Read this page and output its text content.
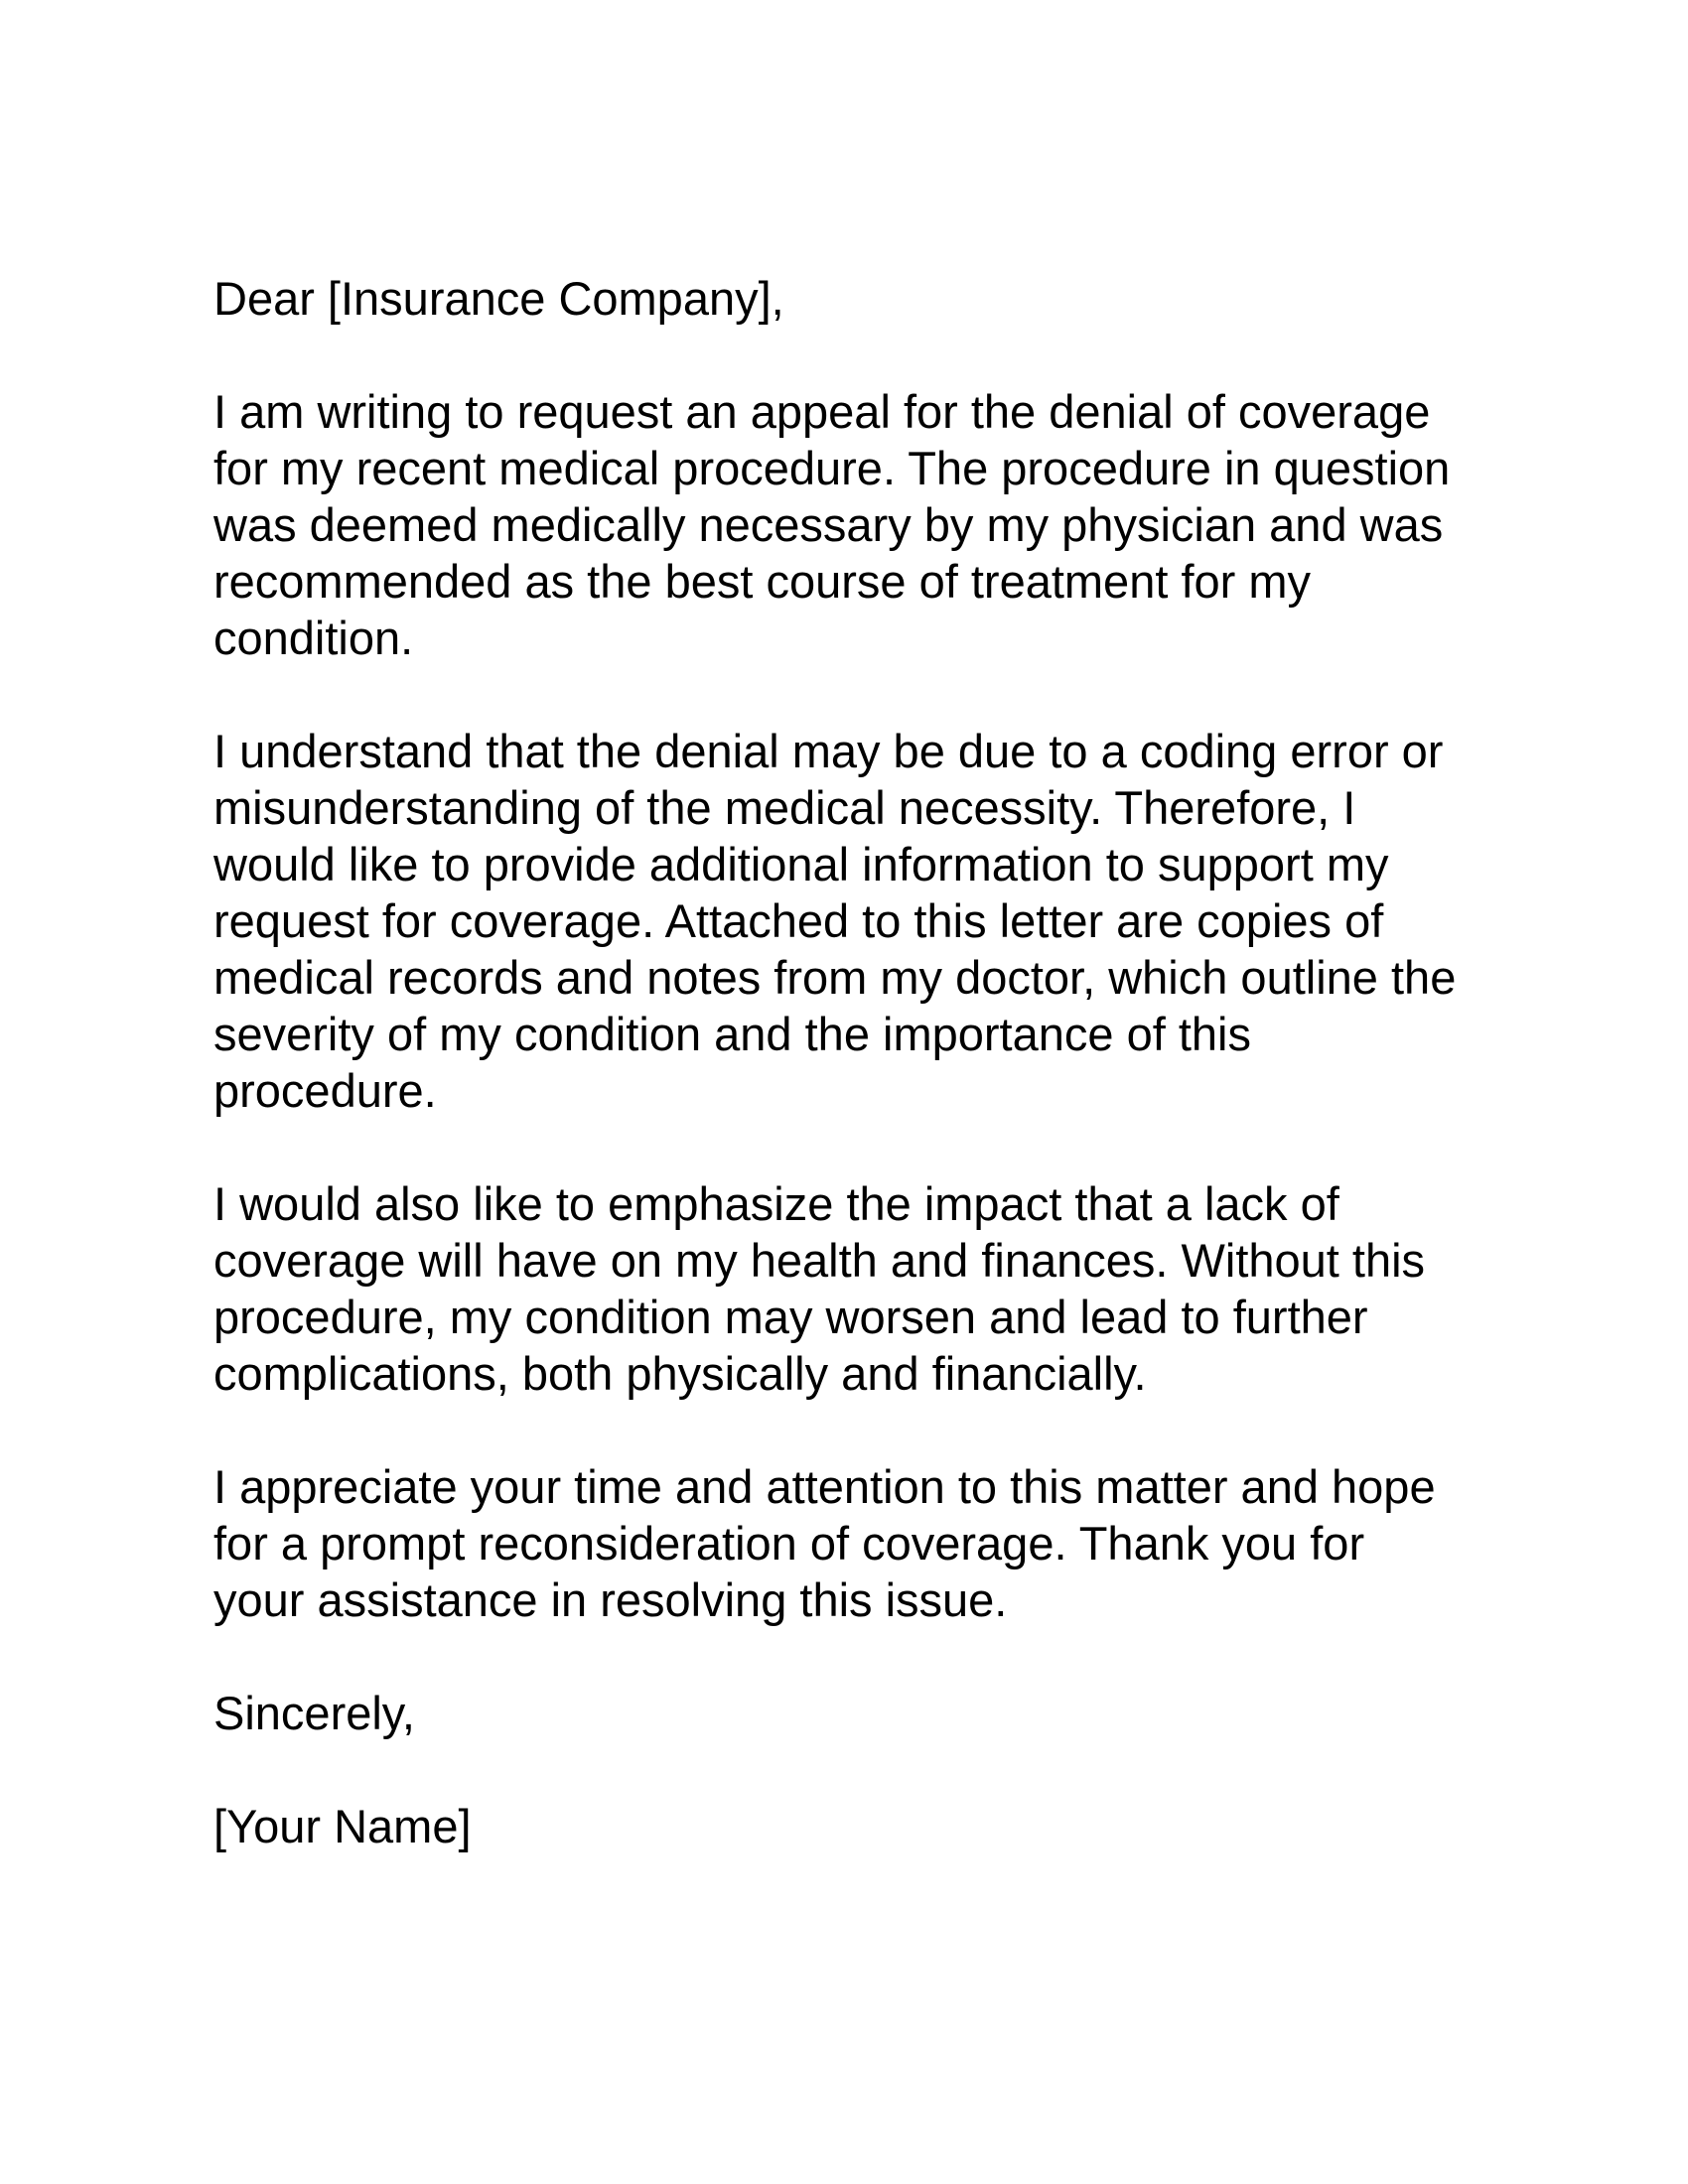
Dear [Insurance Company],
I am writing to request an appeal for the denial of coverage
for my recent medical procedure. The procedure in question
was deemed medically necessary by my physician and was
recommended as the best course of treatment for my
condition.
I understand that the denial may be due to a coding error or
misunderstanding of the medical necessity. Therefore, I
would like to provide additional information to support my
request for coverage. Attached to this letter are copies of
medical records and notes from my doctor, which outline the
severity of my condition and the importance of this
procedure.
I would also like to emphasize the impact that a lack of
coverage will have on my health and finances. Without this
procedure, my condition may worsen and lead to further
complications, both physically and financially.
I appreciate your time and attention to this matter and hope
for a prompt reconsideration of coverage. Thank you for
your assistance in resolving this issue.
Sincerely,
[Your Name]
